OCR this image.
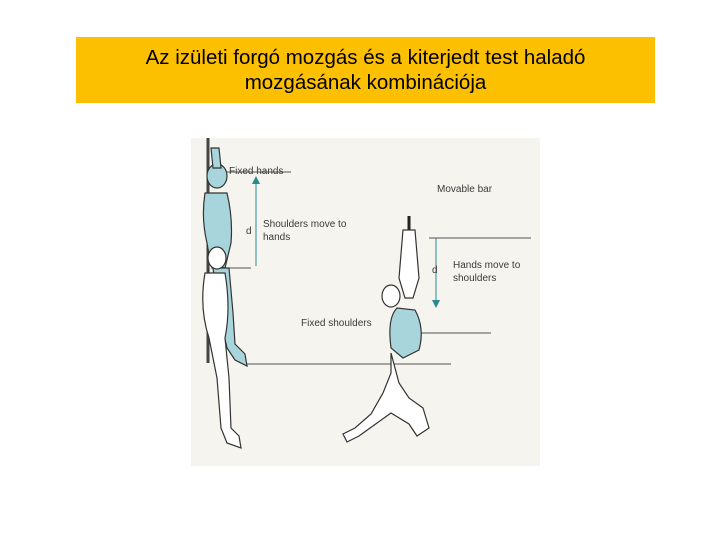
Az izületi forgó mozgás és a kiterjedt test haladó
mozgásának kombinációja
Fixed hands
Shoulders move to
hands
d
Movable bar
Hands move to
shoulders
d
Fixed shoulders
